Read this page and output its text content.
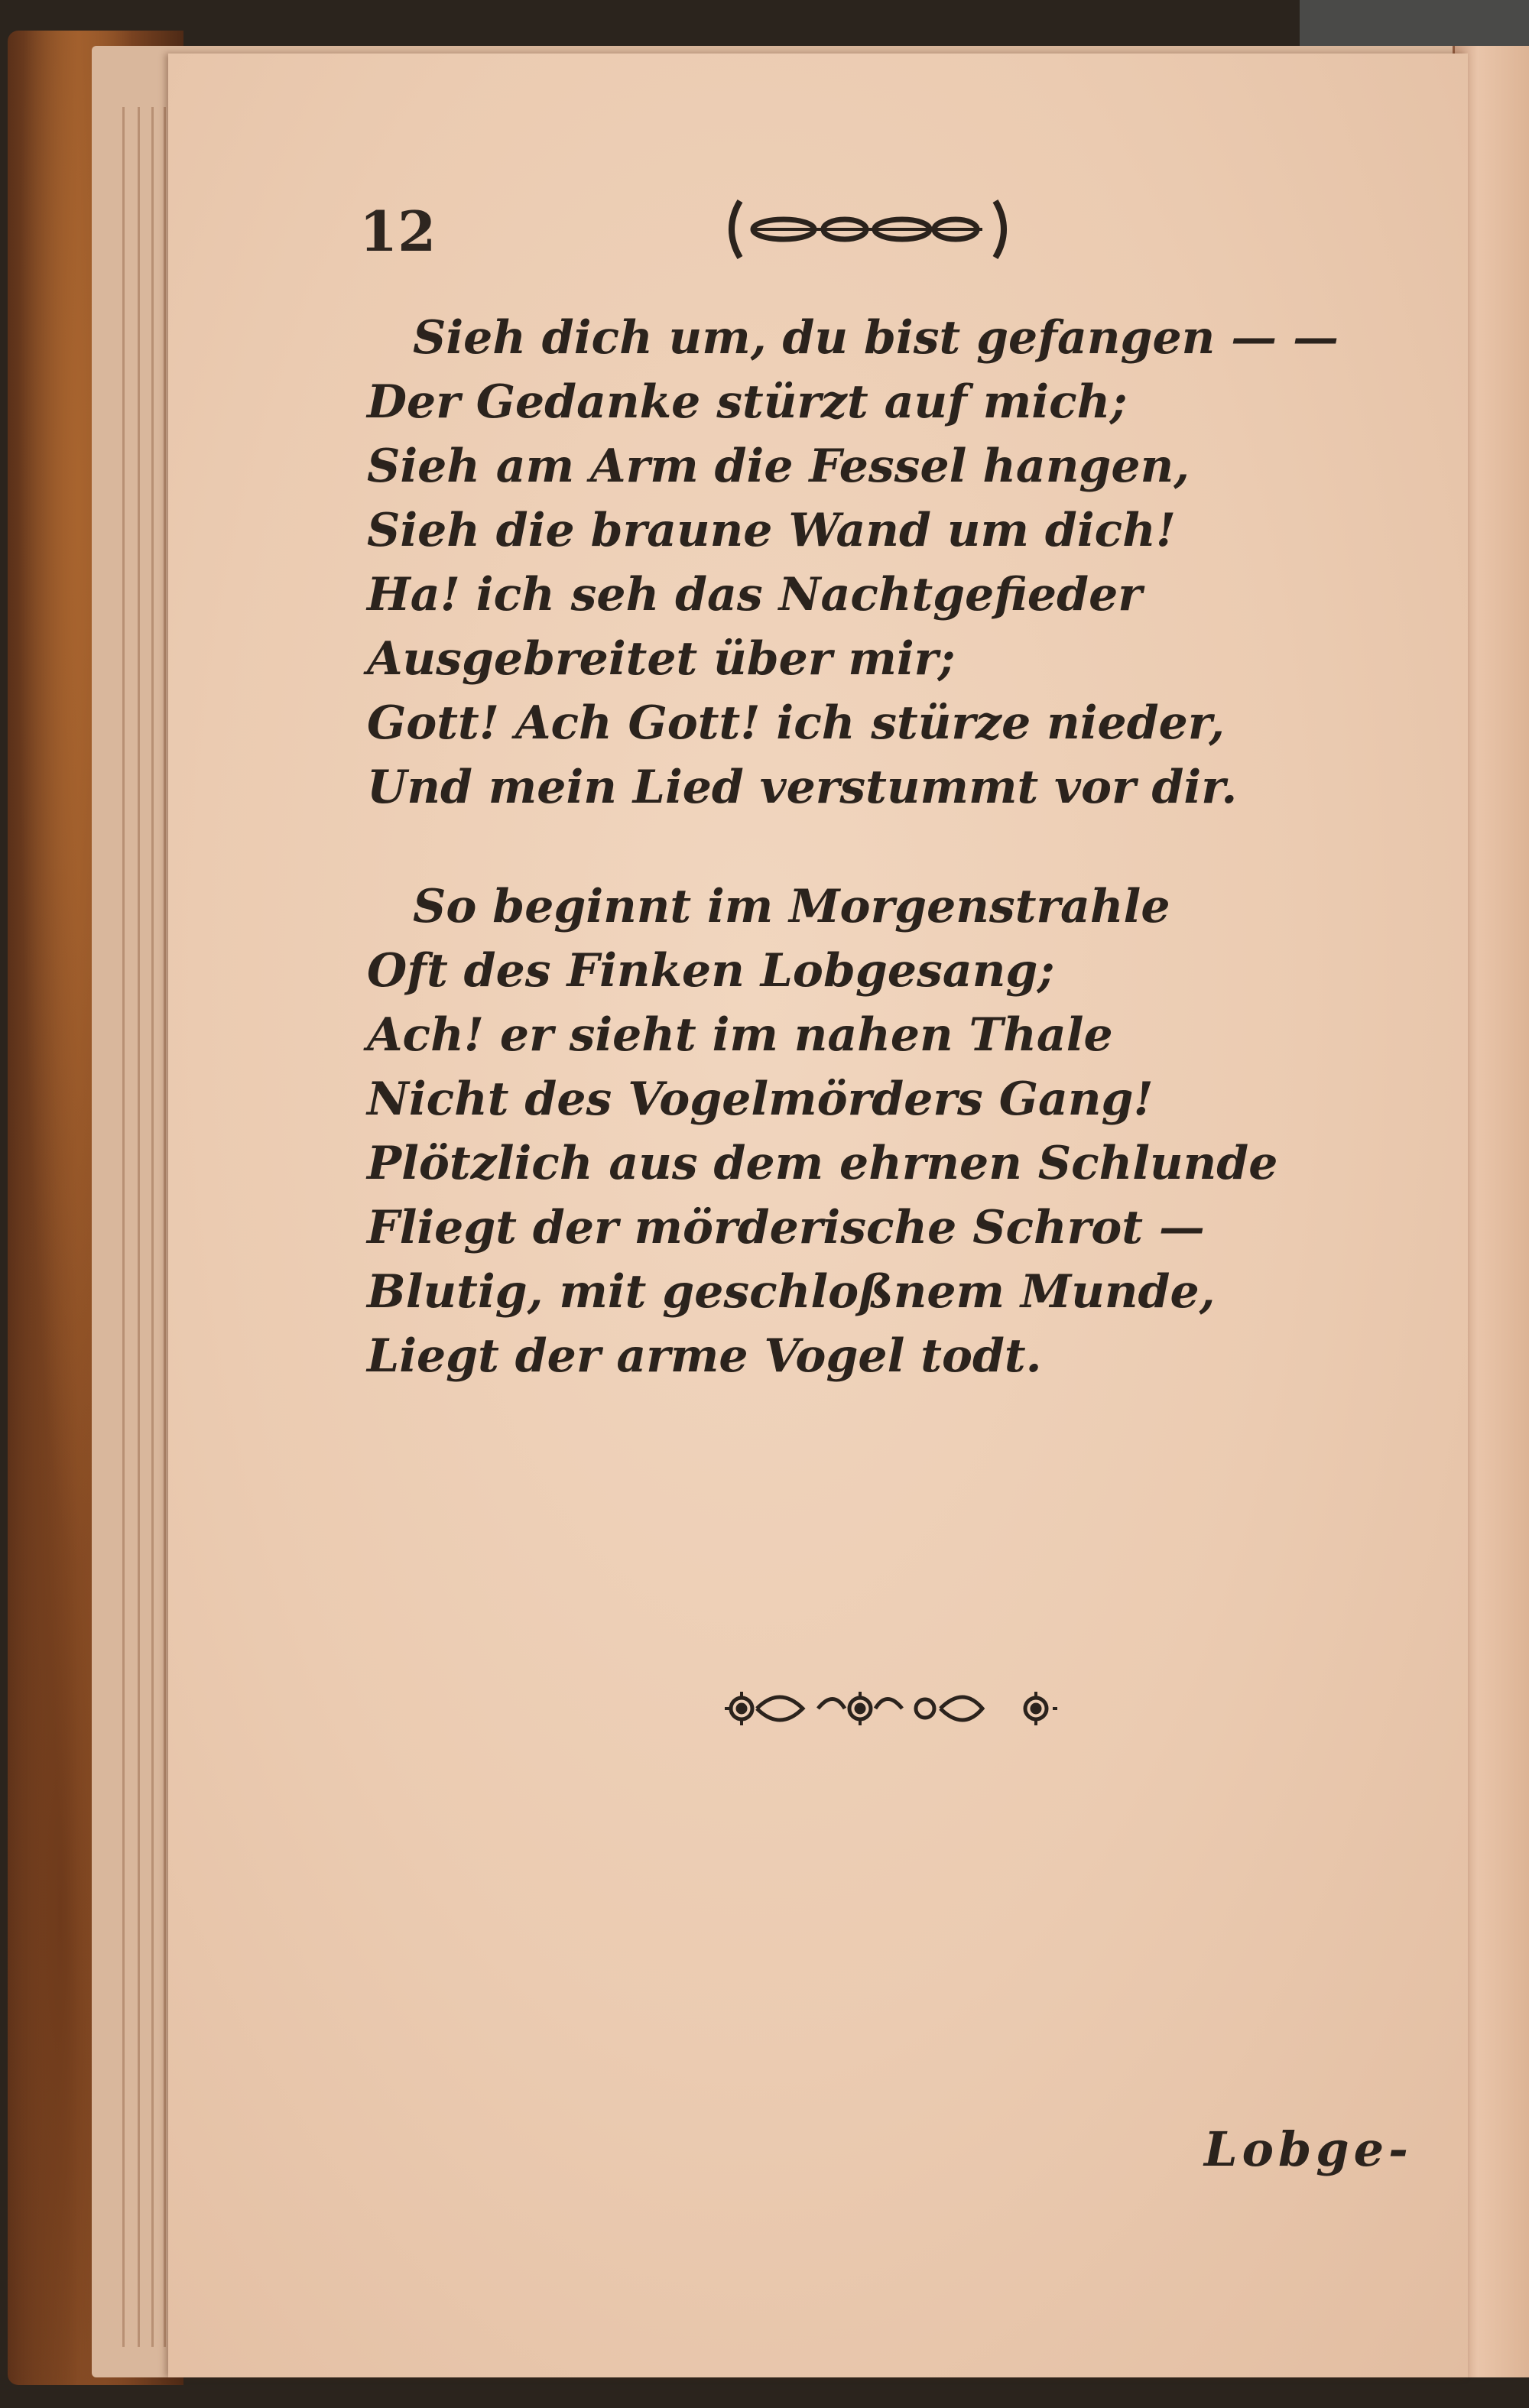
12

Sieh dich um, du bist gefangen — —
Der Gedanke stürzt auf mich;
Sieh am Arm die Fessel hangen,
Sieh die braune Wand um dich!
Ha! ich seh das Nachtgefieder
Ausgebreitet über mir;
Gott! Ach Gott! ich stürze nieder,
Und mein Lied verstummt vor dir.

So beginnt im Morgenstrahle
Oft des Finken Lobgesang;
Ach! er sieht im nahen Thale
Nicht des Vogelmörders Gang!
Plötzlich aus dem ehrnen Schlunde
Fliegt der mörderische Schrot —
Blutig, mit geschloßnem Munde,
Liegt der arme Vogel todt.

Lobge-
